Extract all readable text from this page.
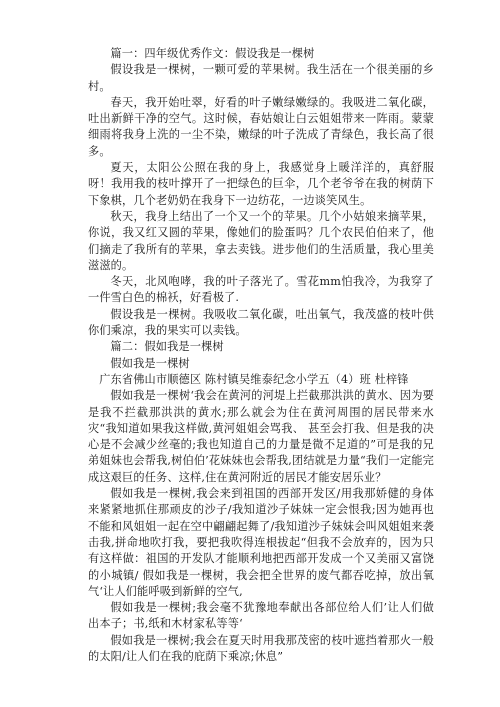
篇一：四年级优秀作文：假设我是一棵树

假设我是一棵树，一颗可爱的苹果树。我生活在一个很美丽的乡村。

春天，我开始吐翠，好看的叶子嫩绿嫩绿的。我吸进二氧化碳，吐出新鲜干净的空气。这时候，春姑娘让白云姐姐带来一阵雨。蒙蒙细雨将我身上洗的一尘不染，嫩绿的叶子洗成了青绿色，我长高了很多。

夏天，太阳公公照在我的身上，我感觉身上暖洋洋的，真舒服呀！我用我的枝叶撑开了一把绿色的巨伞，几个老爷爷在我的树荫下下象棋，几个老奶奶在我身下一边纺花，一边谈笑风生。

秋天，我身上结出了一个又一个的苹果。几个小姑娘来摘苹果，你说，我又红又圆的苹果，像她们的脸蛋吗？几个农民伯伯来了，他们摘走了我所有的苹果，拿去卖钱。进步他们的生活质量，我心里美滋滋的。

冬天，北风咆哮，我的叶子落光了。雪花mm怕我冷，为我穿了一件雪白色的棉袄，好看极了.

假设我是一棵树。我吸收二氧化碳，吐出氧气，我茂盛的枝叶供你们乘凉，我的果实可以卖钱。

篇二：假如我是一棵树

假如我是一棵树

广东省佛山市顺德区 陈村镇吴维泰纪念小学五（4）班 杜梓锋

假如我是一棵树‘我会在黄河的河堤上拦截那洪洪的黄水、因为要是我不拦截那洪洪的黄水;那么就会为住在黄河周围的居民带来水灾“我知道如果我这样做,黄河姐姐会骂我、 甚至会打我、但是我的决心是不会减少丝毫的;我也知道自己的力量是微不足道的”可是我的兄弟姐妹也会帮我,树伯伯’花妹妹也会帮我,团结就是力量“我们一定能完成这艰巨的任务、这样,住在黄河附近的居民才能安居乐业？

假如我是一棵树,我会来到祖国的西部开发区/用我那娇健的身体来紧紧地抓住那顽皮的沙子/我知道沙子妹妹一定会恨我;因为她再也不能和风姐姐一起在空中翩翩起舞了/我知道沙子妹妹会叫风姐姐来袭击我,拼命地吹打我，要把我吹得连根拔起“但我不会放弃的，因为只有这样做：祖国的开发队才能顺利地把西部开发成一个又美丽又富饶的小城镇/ 假如我是一棵树，我会把全世界的废气都吞吃掉，放出氧气‘让人们能呼吸到新鲜的空气,

假如我是一棵树;我会毫不犹豫地奉献出各部位给人们’让人们做出本子；书,纸和木材家私等等‘

假如我是一棵树;我会在夏天时用我那茂密的枝叶遮挡着那火一般的太阳/让人们在我的庇荫下乘凉;休息”
